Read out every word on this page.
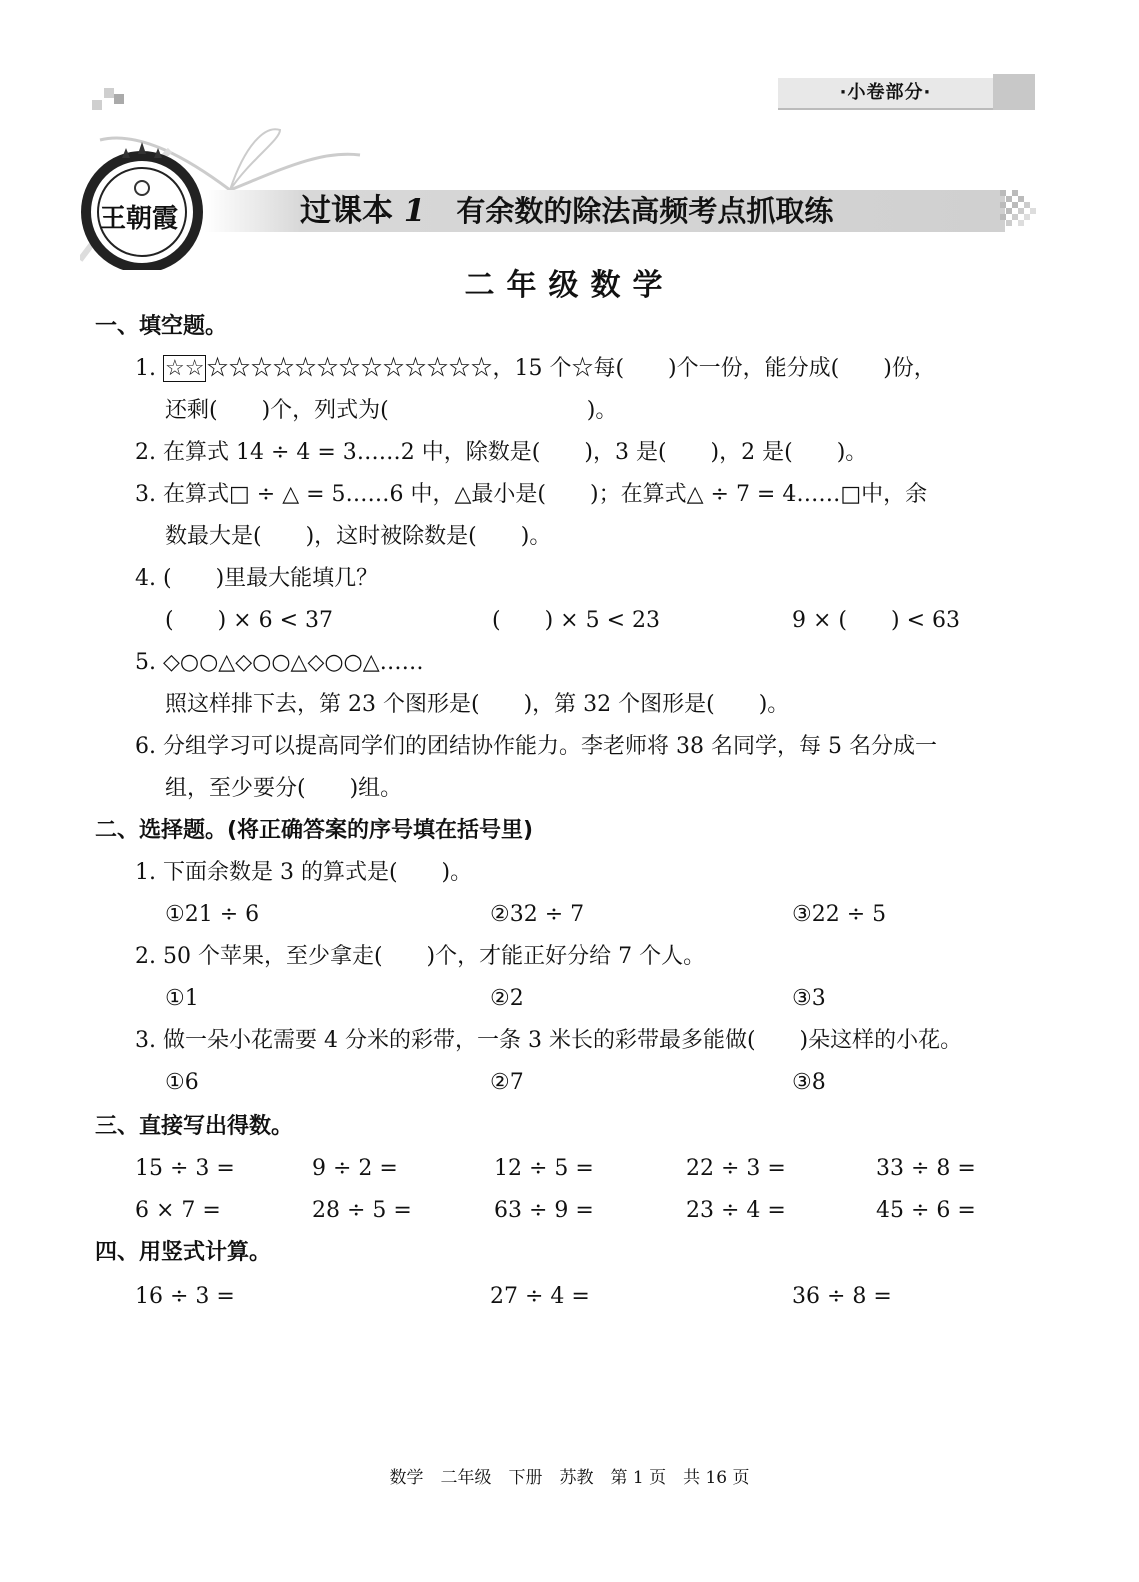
·小卷部分·
王朝霞	过课本 1　 有余数的除法高频考点抓取练
二年级数学
一、填空题。
1. ☆☆☆☆☆☆☆☆☆☆☆☆☆☆☆，15 个☆每(　　)个一份，能分成(　　)份，
还剩(　　)个，列式为(　　　　　　　　　)。
2. 在算式 14 ÷ 4 = 3……2 中，除数是(　　)，3 是(　　)，2 是(　　)。
3. 在算式□ ÷ △ = 5……6 中，△最小是(　　)；在算式△ ÷ 7 = 4……□中，余
数最大是(　　)，这时被除数是(　　)。
4. (　　)里最大能填几？
(　　) × 6 < 37	(　　) × 5 < 23	9 × (　　) < 63
5. ◇○○△◇○○△◇○○△……
照这样排下去，第 23 个图形是(　　)，第 32 个图形是(　　)。
6. 分组学习可以提高同学们的团结协作能力。李老师将 38 名同学，每 5 名分成一
组，至少要分(　　)组。
二、选择题。(将正确答案的序号填在括号里)
1. 下面余数是 3 的算式是(　　)。
①21 ÷ 6	②32 ÷ 7	③22 ÷ 5
2. 50 个苹果，至少拿走(　　)个，才能正好分给 7 个人。
①1	②2	③3
3. 做一朵小花需要 4 分米的彩带，一条 3 米长的彩带最多能做(　　)朵这样的小花。
①6	②7	③8
三、直接写出得数。
15 ÷ 3 =	9 ÷ 2 =	12 ÷ 5 =	22 ÷ 3 =	33 ÷ 8 =
6 × 7 =	28 ÷ 5 =	63 ÷ 9 =	23 ÷ 4 =	45 ÷ 6 =
四、用竖式计算。
16 ÷ 3 =	27 ÷ 4 =	36 ÷ 8 =
数学　二年级　下册　苏教　第 1 页　共 16 页
